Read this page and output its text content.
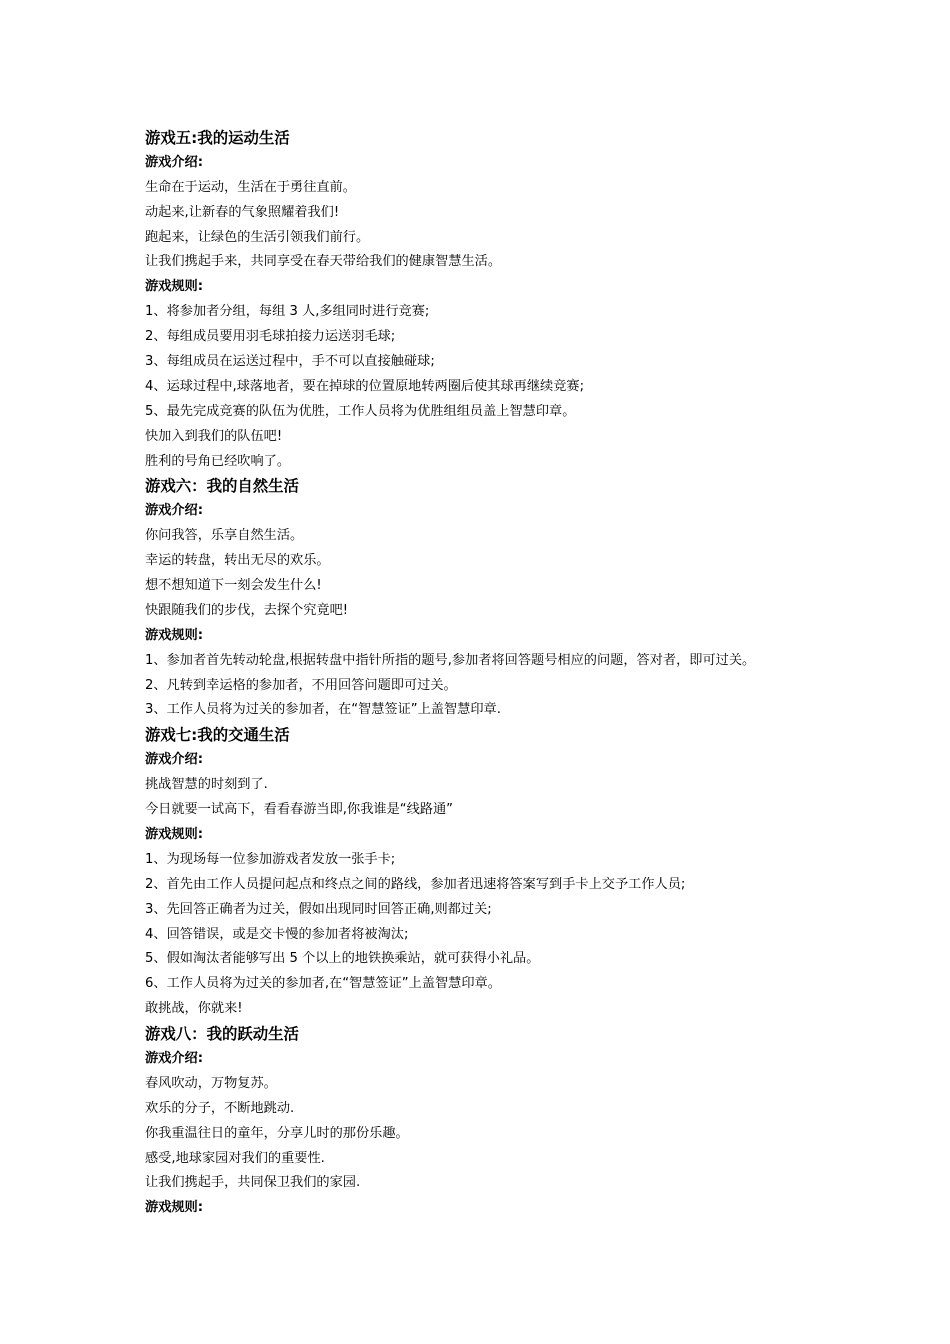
游戏五:我的运动生活
游戏介绍:
生命在于运动，生活在于勇往直前。
动起来,让新春的气象照耀着我们!
跑起来，让绿色的生活引领我们前行。
让我们携起手来，共同享受在春天带给我们的健康智慧生活。
游戏规则:
1、将参加者分组，每组 3 人,多组同时进行竞赛;
2、每组成员要用羽毛球拍接力运送羽毛球;
3、每组成员在运送过程中，手不可以直接触碰球;
4、运球过程中,球落地者，要在掉球的位置原地转两圈后使其球再继续竞赛;
5、最先完成竞赛的队伍为优胜，工作人员将为优胜组组员盖上智慧印章。
快加入到我们的队伍吧!
胜利的号角已经吹响了。
游戏六：我的自然生活
游戏介绍:
你问我答，乐享自然生活。
幸运的转盘，转出无尽的欢乐。
想不想知道下一刻会发生什么!
快跟随我们的步伐，去探个究竟吧!
游戏规则:
1、参加者首先转动轮盘,根据转盘中指针所指的题号,参加者将回答题号相应的问题，答对者，即可过关。
2、凡转到幸运格的参加者，不用回答问题即可过关。
3、工作人员将为过关的参加者，在“智慧签证”上盖智慧印章.
游戏七:我的交通生活
游戏介绍:
挑战智慧的时刻到了.
今日就要一试高下，看看春游当即,你我谁是“线路通”
游戏规则:
1、为现场每一位参加游戏者发放一张手卡;
2、首先由工作人员提问起点和终点之间的路线，参加者迅速将答案写到手卡上交予工作人员;
3、先回答正确者为过关，假如出现同时回答正确,则都过关;
4、回答错误，或是交卡慢的参加者将被淘汰;
5、假如淘汰者能够写出 5 个以上的地铁换乘站，就可获得小礼品。
6、工作人员将为过关的参加者,在“智慧签证”上盖智慧印章。
敢挑战，你就来!
游戏八：我的跃动生活
游戏介绍:
春风吹动，万物复苏。
欢乐的分子，不断地跳动.
你我重温往日的童年，分享儿时的那份乐趣。
感受,地球家园对我们的重要性.
让我们携起手，共同保卫我们的家园.
游戏规则:
